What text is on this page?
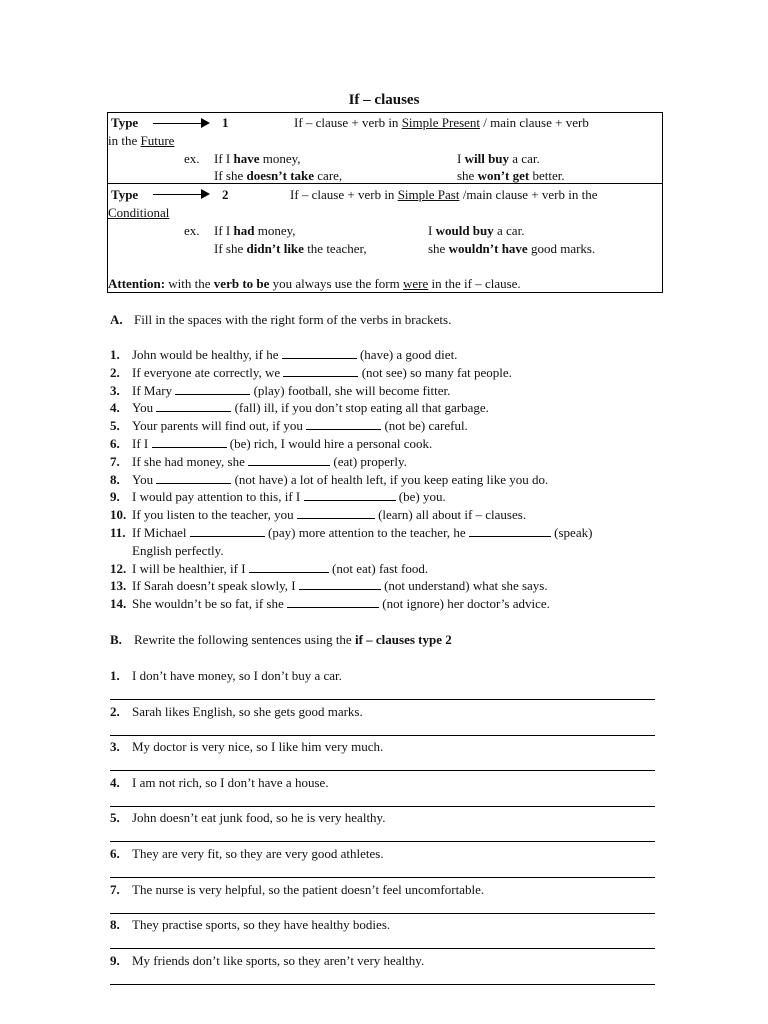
If – clauses
Type	1	If – clause + verb in Simple Present / main clause + verb
in the Future
ex. If I have money,	I will buy a car.
If she doesn’t take care,	she won’t get better.
Type	2	If – clause + verb in Simple Past /main clause + verb in the
Conditional
ex. If I had money,	I would buy a car.
If she didn’t like the teacher,	she wouldn’t have good marks.
Attention: with the verb to be you always use the form were in the if – clause.
A. Fill in the spaces with the right form of the verbs in brackets.
1. John would be healthy, if he	(have) a good diet.
2. If everyone ate correctly, we	(not see) so many fat people.
3. If Mary	(play) football, she will become fitter.
4. You	(fall) ill, if you don’t stop eating all that garbage.
5. Your parents will find out, if you	(not be) careful.
6. If I	(be) rich, I would hire a personal cook.
7. If she had money, she	(eat) properly.
8. You	(not have) a lot of health left, if you keep eating like you do.
9. I would pay attention to this, if I	(be) you.
10. If you listen to the teacher, you	(learn) all about if – clauses.
11. If Michael	(pay) more attention to the teacher, he	(speak)
English perfectly.
12. I will be healthier, if I	(not eat) fast food.
13. If Sarah doesn’t speak slowly, I	(not understand) what she says.
14. She wouldn’t be so fat, if she	(not ignore) her doctor’s advice.
B. Rewrite the following sentences using the if – clauses type 2
1. I don’t have money, so I don’t buy a car.
2. Sarah likes English, so she gets good marks.
3. My doctor is very nice, so I like him very much.
4. I am not rich, so I don’t have a house.
5. John doesn’t eat junk food, so he is very healthy.
6. They are very fit, so they are very good athletes.
7. The nurse is very helpful, so the patient doesn’t feel uncomfortable.
8. They practise sports, so they have healthy bodies.
9. My friends don’t like sports, so they aren’t very healthy.
